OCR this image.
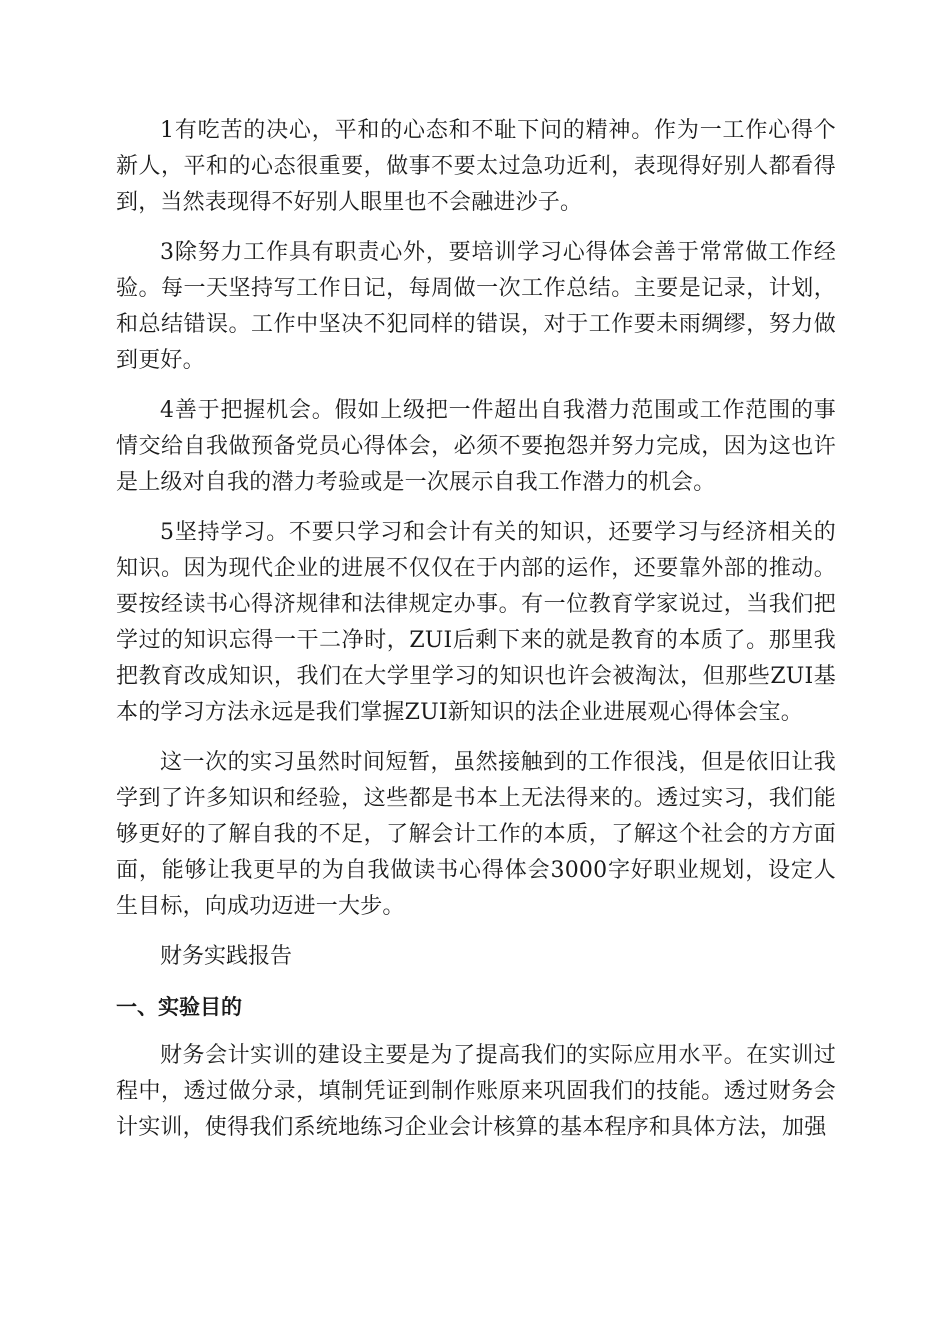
1有吃苦的决心，平和的心态和不耻下问的精神。作为一工作心得个新人，平和的心态很重要，做事不要太过急功近利，表现得好别人都看得到，当然表现得不好别人眼里也不会融进沙子。

3除努力工作具有职责心外，要培训学习心得体会善于常常做工作经验。每一天坚持写工作日记，每周做一次工作总结。主要是记录，计划，和总结错误。工作中坚决不犯同样的错误，对于工作要未雨绸缪，努力做到更好。

4善于把握机会。假如上级把一件超出自我潜力范围或工作范围的事情交给自我做预备党员心得体会，必须不要抱怨并努力完成，因为这也许是上级对自我的潜力考验或是一次展示自我工作潜力的机会。

5坚持学习。不要只学习和会计有关的知识，还要学习与经济相关的知识。因为现代企业的进展不仅仅在于内部的运作，还要靠外部的推动。要按经读书心得济规律和法律规定办事。有一位教育学家说过，当我们把学过的知识忘得一干二净时，ZUI后剩下来的就是教育的本质了。那里我把教育改成知识，我们在大学里学习的知识也许会被淘汰，但那些ZUI基本的学习方法永远是我们掌握ZUI新知识的法企业进展观心得体会宝。

这一次的实习虽然时间短暂，虽然接触到的工作很浅，但是依旧让我学到了许多知识和经验，这些都是书本上无法得来的。透过实习，我们能够更好的了解自我的不足，了解会计工作的本质，了解这个社会的方方面面，能够让我更早的为自我做读书心得体会3000字好职业规划，设定人生目标，向成功迈进一大步。

财务实践报告

一、实验目的

财务会计实训的建设主要是为了提高我们的实际应用水平。在实训过程中，透过做分录，填制凭证到制作账原来巩固我们的技能。透过财务会计实训，使得我们系统地练习企业会计核算的基本程序和具体方法，加强
